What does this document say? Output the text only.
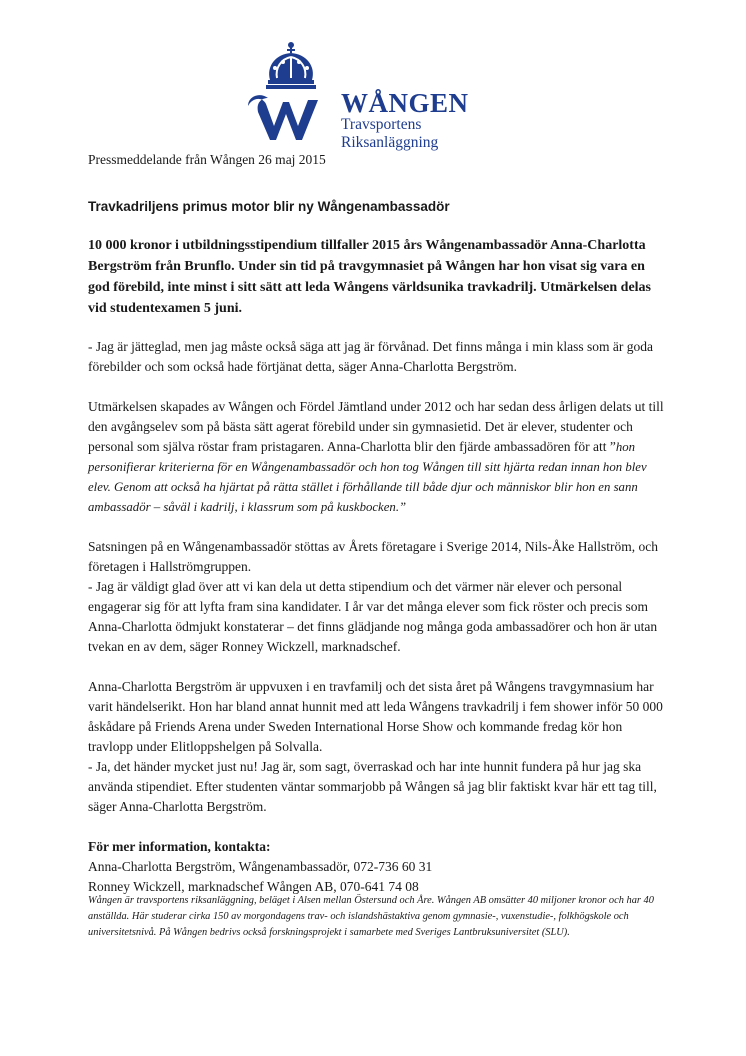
WÅNGEN
Travsportens Riksanläggning

Pressmeddelande från Wången 26 maj 2015

Travkadriljens primus motor blir ny Wångenambassadör

10 000 kronor i utbildningsstipendium tillfaller 2015 års Wångenambassadör Anna-Charlotta Bergström från Brunflo. Under sin tid på travgymnasiet på Wången har hon visat sig vara en god förebild, inte minst i sitt sätt att leda Wångens världsunika travkadrilj. Utmärkelsen delas vid studentexamen 5 juni.

- Jag är jätteglad, men jag måste också säga att jag är förvånad. Det finns många i min klass som är goda förebilder och som också hade förtjänat detta, säger Anna-Charlotta Bergström.

Utmärkelsen skapades av Wången och Fördel Jämtland under 2012 och har sedan dess årligen delats ut till den avgångselev som på bästa sätt agerat förebild under sin gymnasietid. Det är elever, studenter och personal som själva röstar fram pristagaren. Anna-Charlotta blir den fjärde ambassadören för att ”hon personifierar kriterierna för en Wångenambassadör och hon tog Wången till sitt hjärta redan innan hon blev elev. Genom att också ha hjärtat på rätta stället i förhållande till både djur och människor blir hon en sann ambassadör – såväl i kadrilj, i klassrum som på kuskbocken.”

Satsningen på en Wångenambassadör stöttas av Årets företagare i Sverige 2014, Nils-Åke Hallström, och företagen i Hallströmgruppen.

- Jag är väldigt glad över att vi kan dela ut detta stipendium och det värmer när elever och personal engagerar sig för att lyfta fram sina kandidater. I år var det många elever som fick röster och precis som Anna-Charlotta ödmjukt konstaterar – det finns glädjande nog många goda ambassadörer och hon är utan tvekan en av dem, säger Ronney Wickzell, marknadschef.

Anna-Charlotta Bergström är uppvuxen i en travfamilj och det sista året på Wångens travgymnasium har varit händelserikt. Hon har bland annat hunnit med att leda Wångens travkadrilj i fem shower inför 50 000 åskådare på Friends Arena under Sweden International Horse Show och kommande fredag kör hon travlopp under Elitloppshelgen på Solvalla.

- Ja, det händer mycket just nu! Jag är, som sagt, överraskad och har inte hunnit fundera på hur jag ska använda stipendiet. Efter studenten väntar sommarjobb på Wången så jag blir faktiskt kvar här ett tag till, säger Anna-Charlotta Bergström.

För mer information, kontakta:

Anna-Charlotta Bergström, Wångenambassadör, 072-736 60 31

Ronney Wickzell, marknadschef Wången AB, 070-641 74 08

Wången är travsportens riksanläggning, beläget i Alsen mellan Östersund och Åre. Wången AB omsätter 40 miljoner kronor och har 40 anställda. Här studerar cirka 150 av morgondagens trav- och islandshästaktiva genom gymnasie-, vuxenstudie-, folkhögskole och universitetsnivå. På Wången bedrivs också forskningsprojekt i samarbete med Sveriges Lantbruksuniversitet (SLU).
